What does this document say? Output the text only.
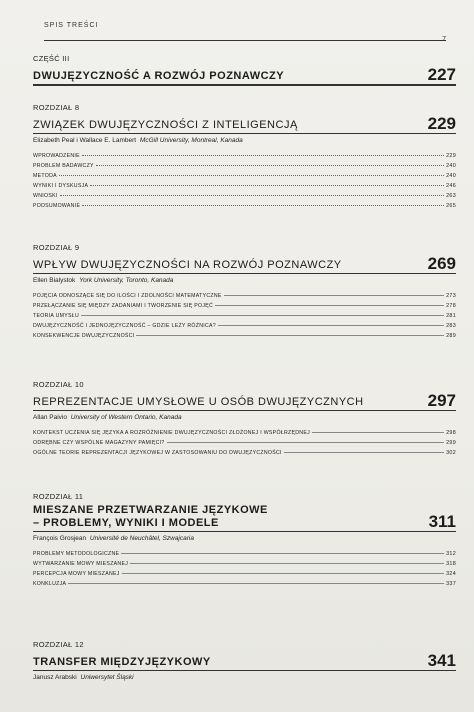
SPIS TREŚCI
7
CZĘŚĆ III
DWUJĘZYCZNOŚĆ A ROZWÓJ POZNAWCZY	227
ROZDZIAŁ 8
ZWIĄZEK DWUJĘZYCZNOŚCI Z INTELIGENCJĄ	229
Elizabeth Peal i Wallace E. Lambert McGill University, Montreal, Kanada
WPROWADZENIE	229
PROBLEM BADAWCZY	240
METODA	240
WYNIKI I DYSKUSJA	246
WNIOSKI	263
PODSUMOWANIE	265
ROZDZIAŁ 9
WPŁYW DWUJĘZYCZNOŚCI NA ROZWÓJ POZNAWCZY	269
Ellen Bialystok York University, Toronto, Kanada
POJĘCIA ODNOSZĄCE SIĘ DO ILOŚCI I ZDOLNOŚCI MATEMATYCZNE	273
PRZEŁĄCZANIE SIĘ MIĘDZY ZADANIAMI I TWORZENIE SIĘ POJĘĆ	278
TEORIA UMYSŁU	281
DWUJĘZYCZNOŚĆ I JEDNOJĘZYCZNOŚĆ – GDZIE LEŻY RÓŻNICA?	283
KONSEKWENCJE DWUJĘZYCZNOŚCI	289
ROZDZIAŁ 10
REPREZENTACJE UMYSŁOWE U OSÓB DWUJĘZYCZNYCH	297
Allan Paivio University of Western Ontario, Kanada
KONTEKST UCZENIA SIĘ JĘZYKA A ROZRÓŻNIENIE DWUJĘZYCZNOŚCI ZŁOŻONEJ I WSPÓŁRZĘDNEJ	298
ODRĘBNE CZY WSPÓLNE MAGAZYNY PAMIĘCI?	299
OGÓLNE TEORIE REPREZENTACJI JĘZYKOWEJ W ZASTOSOWANIU DO DWUJĘZYCZNOŚCI	302
ROZDZIAŁ 11
MIESZANE PRZETWARZANIE JĘZYKOWE
– PROBLEMY, WYNIKI I MODELE	311
François Grosjean Université de Neuchâtel, Szwajcaria
PROBLEMY METODOLOGICZNE	312
WYTWARZANIE MOWY MIESZANEJ	318
PERCEPCJA MOWY MIESZANEJ	324
KONKLUZJA	337
ROZDZIAŁ 12
TRANSFER MIĘDZYJĘZYKOWY	341
Janusz Arabski Uniwersytet Śląski
